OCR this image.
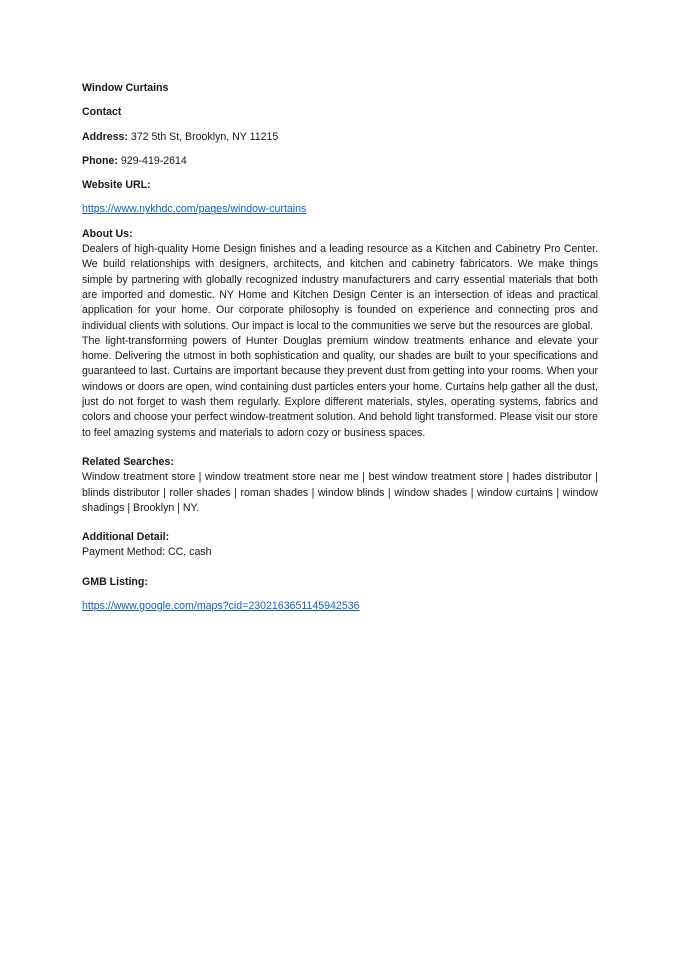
Window Curtains

Contact

Address: 372 5th St, Brooklyn, NY 11215

Phone: 929-419-2614

Website URL:

https://www.nykhdc.com/pages/window-curtains

About Us:

Dealers of high-quality Home Design finishes and a leading resource as a Kitchen and Cabinetry Pro Center. We build relationships with designers, architects, and kitchen and cabinetry fabricators. We make things simple by partnering with globally recognized industry manufacturers and carry essential materials that both are imported and domestic. NY Home and Kitchen Design Center is an intersection of ideas and practical application for your home. Our corporate philosophy is founded on experience and connecting pros and individual clients with solutions. Our impact is local to the communities we serve but the resources are global.

The light-transforming powers of Hunter Douglas premium window treatments enhance and elevate your home. Delivering the utmost in both sophistication and quality, our shades are built to your specifications and guaranteed to last. Curtains are important because they prevent dust from getting into your rooms. When your windows or doors are open, wind containing dust particles enters your home. Curtains help gather all the dust, just do not forget to wash them regularly. Explore different materials, styles, operating systems, fabrics and colors and choose your perfect window-treatment solution. And behold light transformed. Please visit our store to feel amazing systems and materials to adorn cozy or business spaces.

Related Searches:

Window treatment store | window treatment store near me | best window treatment store | hades distributor | blinds distributor | roller shades | roman shades | window blinds | window shades | window curtains | window shadings | Brooklyn | NY.

Additional Detail:

Payment Method: CC, cash

GMB Listing:

https://www.google.com/maps?cid=2302163651145942536
